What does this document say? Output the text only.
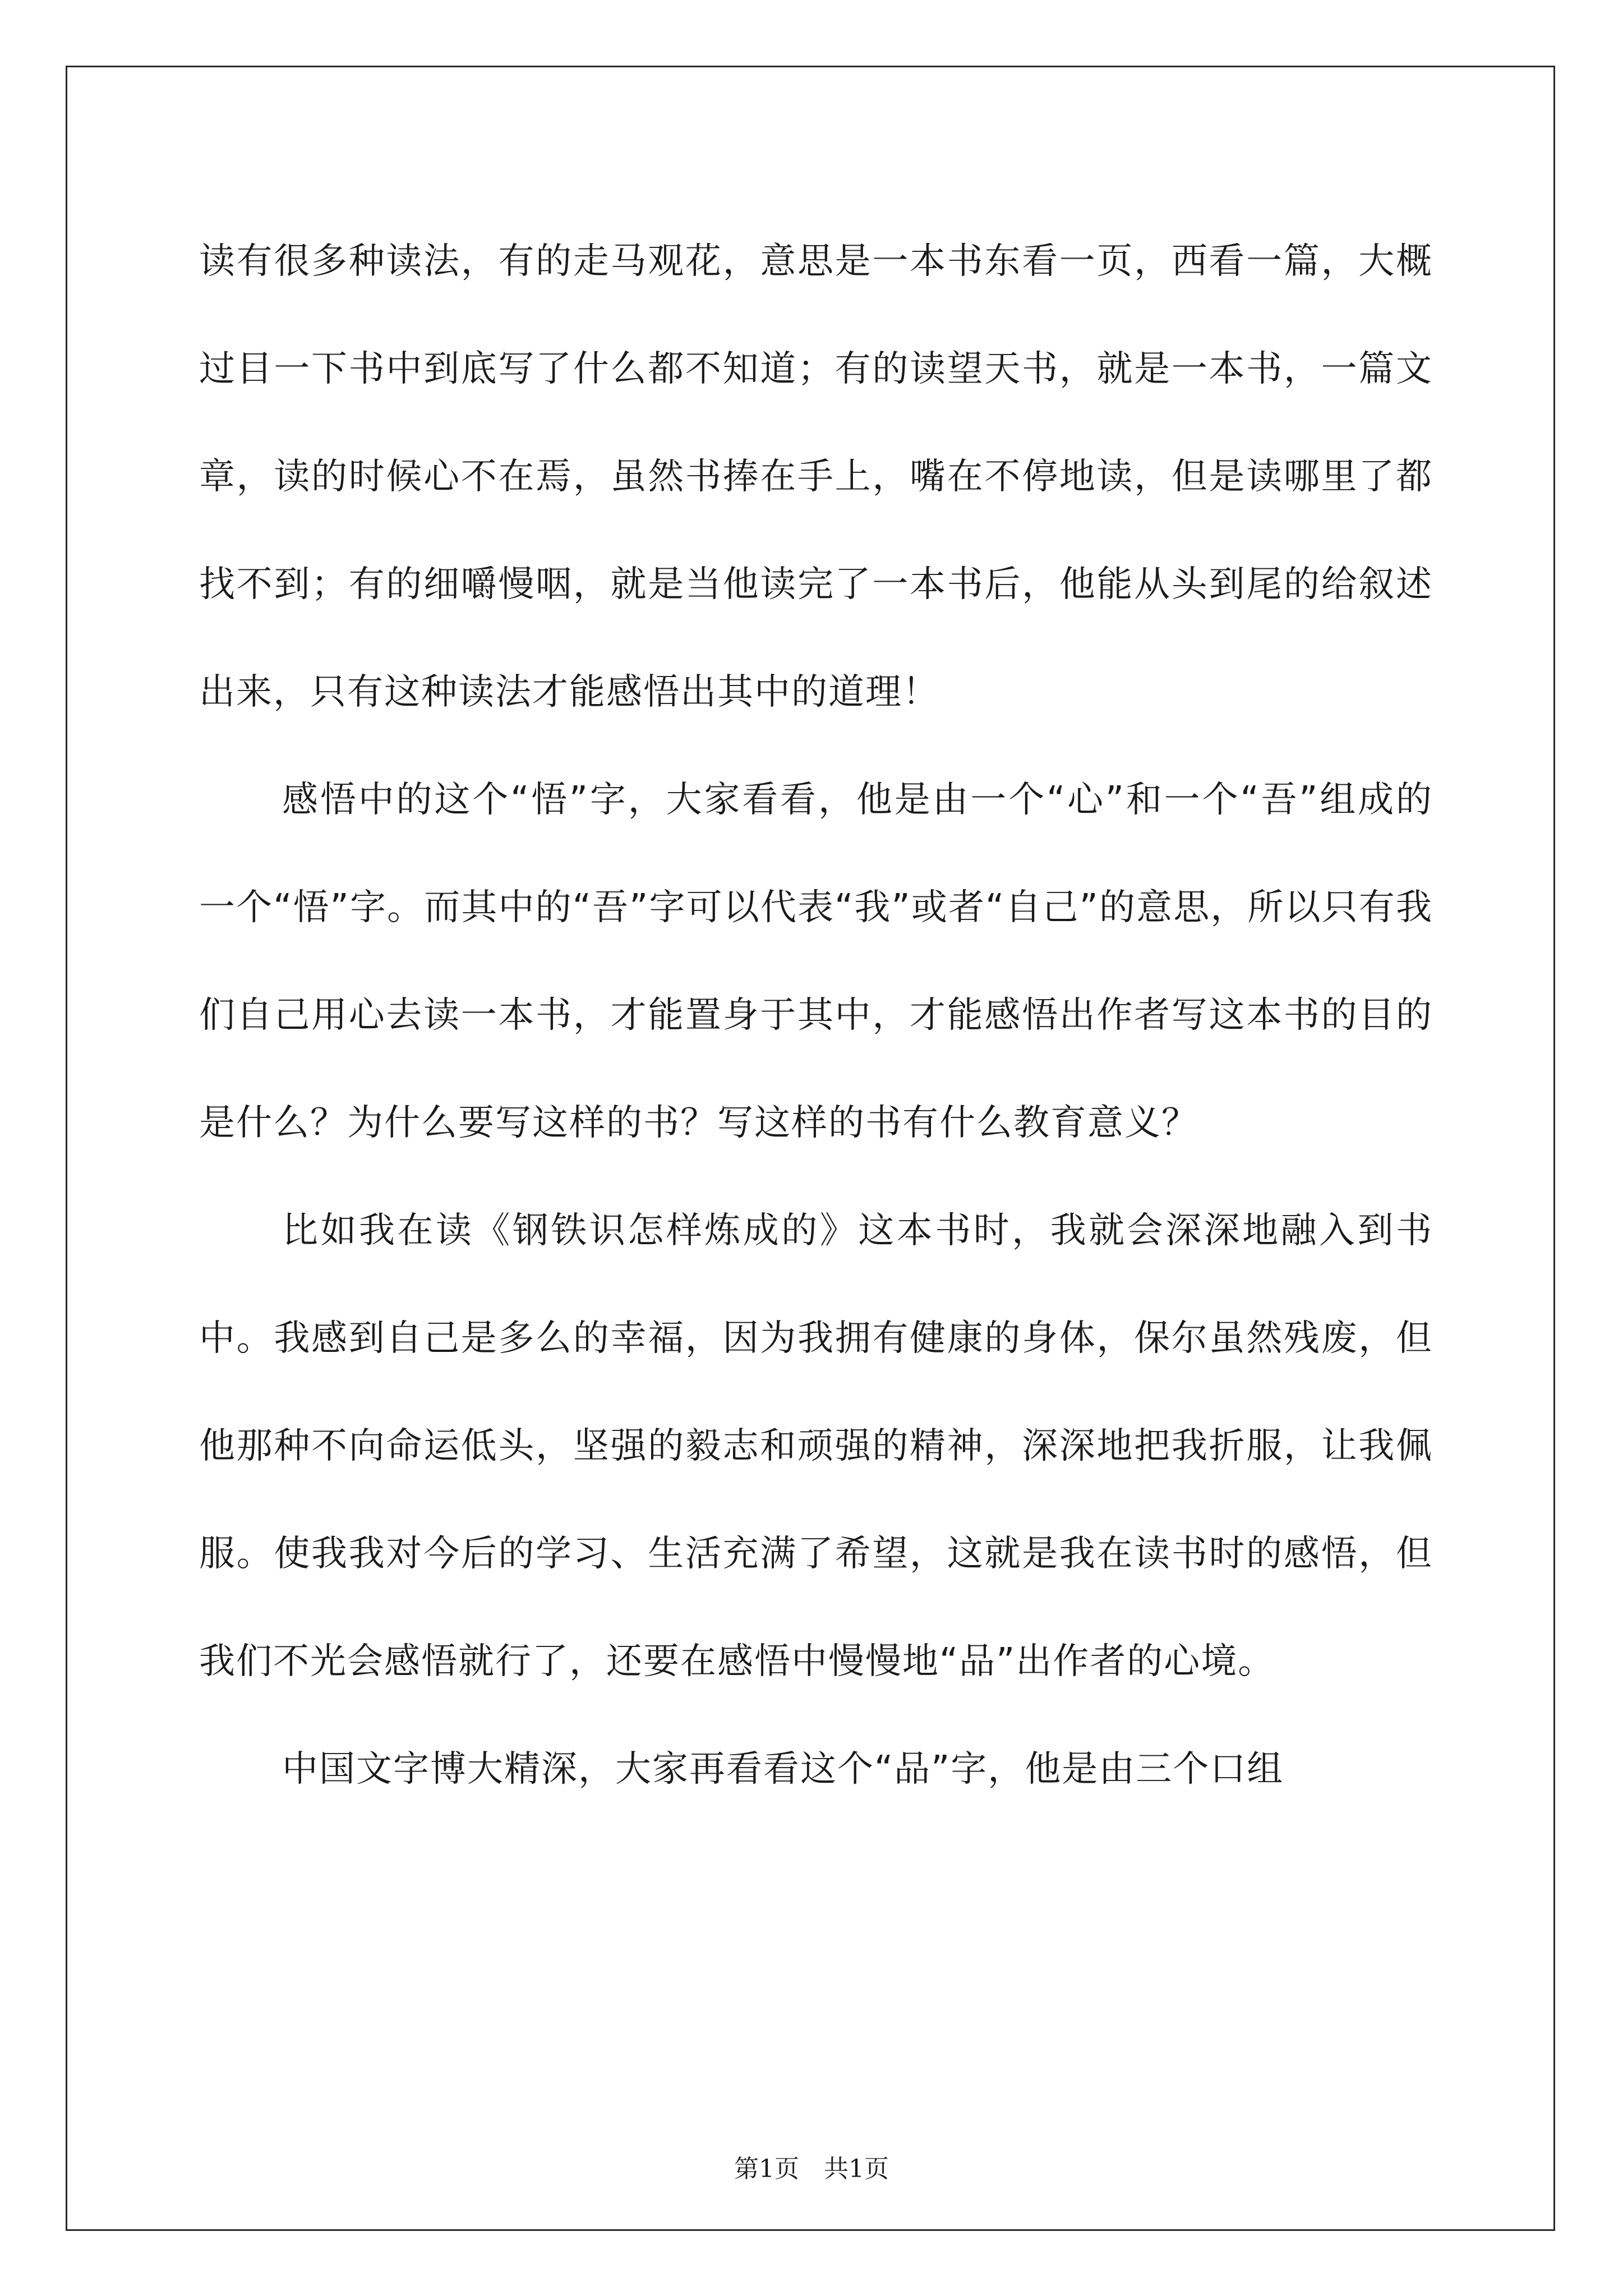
读有很多种读法，有的走马观花，意思是一本书东看一页，西看一篇，大概过目一下书中到底写了什么都不知道；有的读望天书，就是一本书，一篇文章，读的时候心不在焉，虽然书捧在手上，嘴在不停地读，但是读哪里了都找不到；有的细嚼慢咽，就是当他读完了一本书后，他能从头到尾的给叙述出来，只有这种读法才能感悟出其中的道理！

感悟中的这个“悟”字，大家看看，他是由一个“心”和一个“吾”组成的一个“悟”字。而其中的“吾”字可以代表“我”或者“自己”的意思，所以只有我们自己用心去读一本书，才能置身于其中，才能感悟出作者写这本书的目的是什么？为什么要写这样的书？写这样的书有什么教育意义？

比如我在读《钢铁识怎样炼成的》这本书时，我就会深深地融入到书中。我感到自己是多么的幸福，因为我拥有健康的身体，保尔虽然残废，但他那种不向命运低头，坚强的毅志和顽强的精神，深深地把我折服，让我佩服。使我我对今后的学习、生活充满了希望，这就是我在读书时的感悟，但我们不光会感悟就行了，还要在感悟中慢慢地“品”出作者的心境。

中国文字博大精深，大家再看看这个“品”字，他是由三个口组

第1页　共1页
